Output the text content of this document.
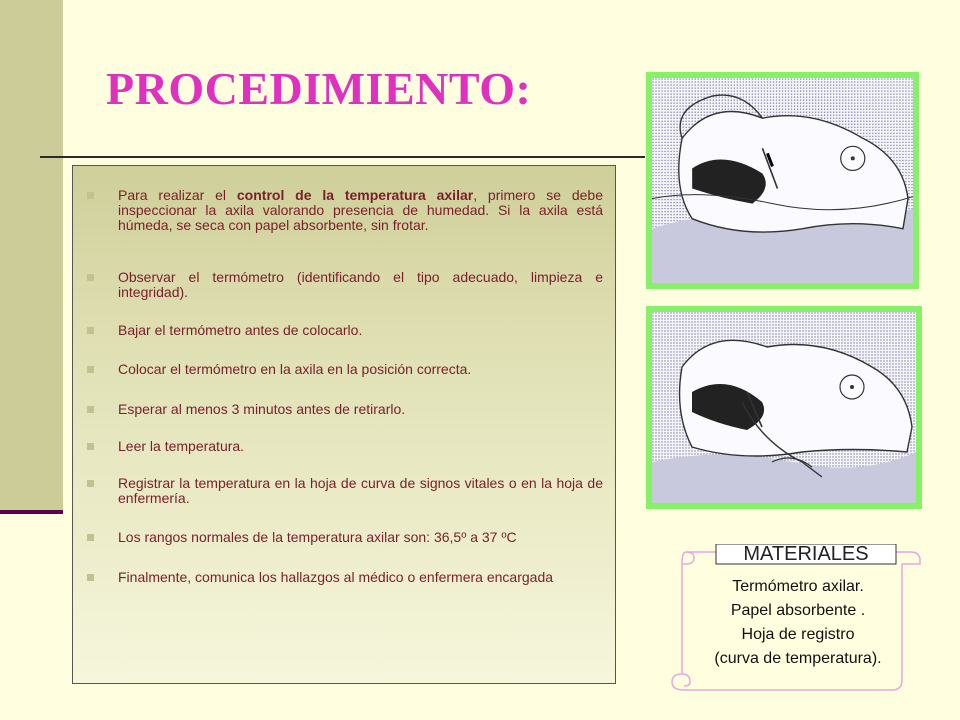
PROCEDIMIENTO:
Para realizar el control de la temperatura axilar, primero se debe inspeccionar la axila valorando presencia de humedad. Si la axila está húmeda, se seca con papel absorbente, sin frotar.
Observar el termómetro (identificando el tipo adecuado, limpieza e integridad).
Bajar el termómetro antes de colocarlo.
Colocar el termómetro en la axila en la posición correcta.
Esperar al menos 3 minutos antes de retirarlo.
Leer la temperatura.
Registrar la temperatura en la hoja de curva de signos vitales o en la hoja de enfermería.
Los rangos normales de la temperatura axilar son: 36,5º a 37 ºC
Finalmente, comunica los hallazgos al médico o enfermera encargada
MATERIALES
Termómetro axilar.
Papel absorbente .
Hoja de registro
(curva de temperatura).
